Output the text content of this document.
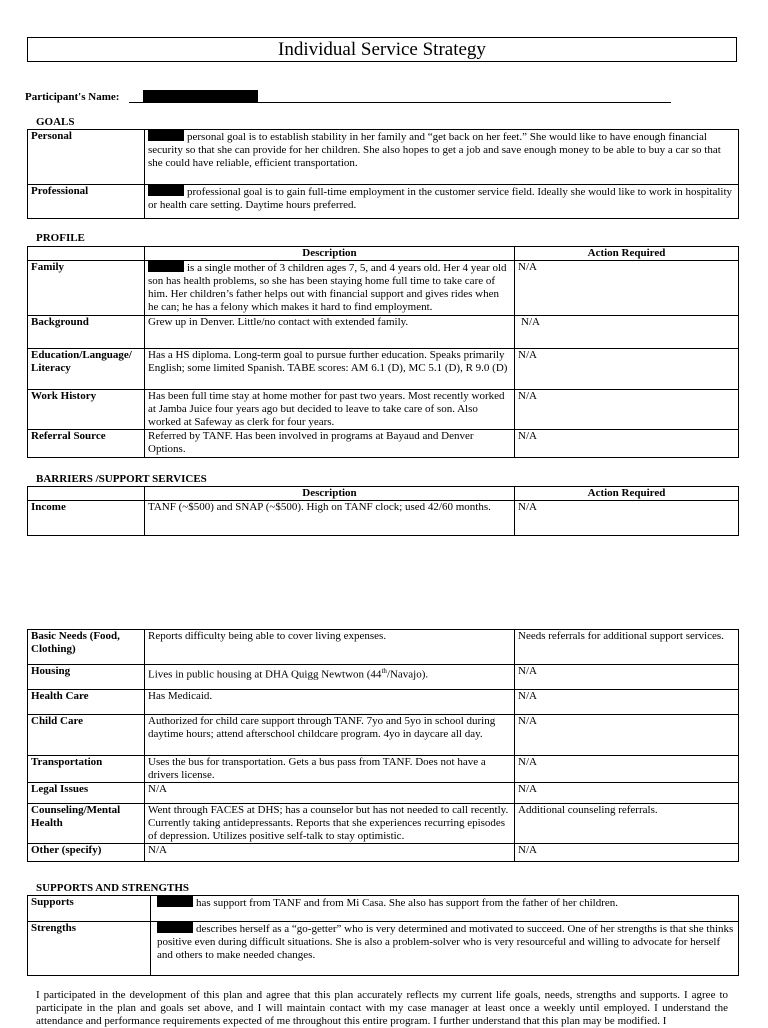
Individual Service Strategy
Participant's Name:
GOALS
Personal	personal goal is to establish stability in her family and “get back on her feet.” She would like to have enough financial security so that she can provide for her children. She also hopes to get a job and save enough money to be able to buy a car so that she could have reliable, efficient transportation.
Professional	professional goal is to gain full-time employment in the customer service field. Ideally she would like to work in hospitality or health care setting. Daytime hours preferred.
PROFILE
	Description	Action Required
Family	is a single mother of 3 children ages 7, 5, and 4 years old. Her 4 year old son has health problems, so she has been staying home full time to take care of him. Her children’s father helps out with financial support and gives rides when he can; he has a felony which makes it hard to find employment.	N/A
Background	Grew up in Denver. Little/no contact with extended family.	N/A
Education/Language/ Literacy	Has a HS diploma. Long-term goal to pursue further education. Speaks primarily English; some limited Spanish. TABE scores: AM 6.1 (D), MC 5.1 (D), R 9.0 (D)	N/A
Work History	Has been full time stay at home mother for past two years. Most recently worked at Jamba Juice four years ago but decided to leave to take care of son. Also worked at Safeway as clerk for four years.	N/A
Referral Source	Referred by TANF. Has been involved in programs at Bayaud and Denver Options.	N/A
BARRIERS /SUPPORT SERVICES
	Description	Action Required
Income	TANF (~$500) and SNAP (~$500). High on TANF clock; used 42/60 months.	N/A
Basic Needs (Food, Clothing)	Reports difficulty being able to cover living expenses.	Needs referrals for additional support services.
Housing	Lives in public housing at DHA Quigg Newtwon (44th/Navajo).	N/A
Health Care	Has Medicaid.	N/A
Child Care	Authorized for child care support through TANF. 7yo and 5yo in school during daytime hours; attend afterschool childcare program. 4yo in daycare all day.	N/A
Transportation	Uses the bus for transportation. Gets a bus pass from TANF. Does not have a drivers license.	N/A
Legal Issues	N/A	N/A
Counseling/Mental Health	Went through FACES at DHS; has a counselor but has not needed to call recently. Currently taking antidepressants. Reports that she experiences recurring episodes of depression. Utilizes positive self-talk to stay optimistic.	Additional counseling referrals.
Other (specify)	N/A	N/A
SUPPORTS AND STRENGTHS
Supports	has support from TANF and from Mi Casa. She also has support from the father of her children.
Strengths	describes herself as a “go-getter” who is very determined and motivated to succeed. One of her strengths is that she thinks positive even during difficult situations. She is also a problem-solver who is very resourceful and willing to advocate for herself and others to make needed changes.
I participated in the development of this plan and agree that this plan accurately reflects my current life goals, needs, strengths and supports. I agree to participate in the plan and goals set above, and I will maintain contact with my case manager at least once a weekly until employed. I understand the attendance and performance requirements expected of me throughout this entire program. I further understand that this plan may be modified. I
